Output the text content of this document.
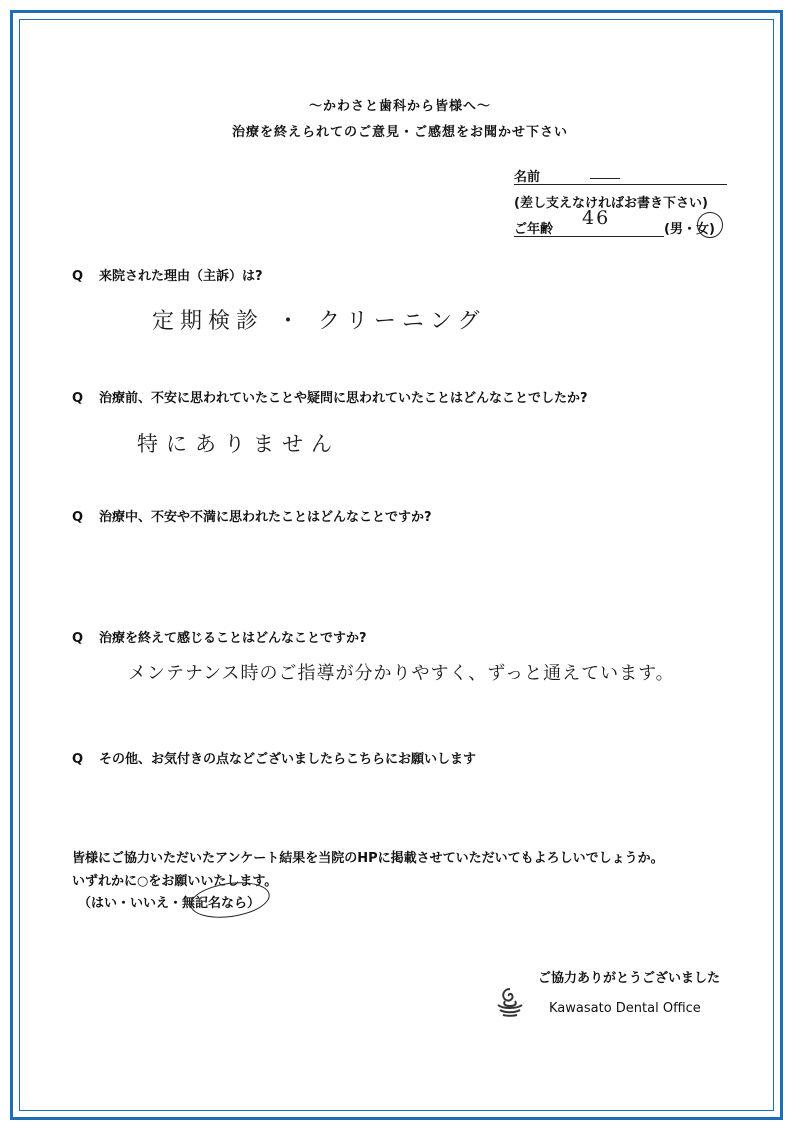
～かわさと歯科から皆様へ～
治療を終えられてのご意見・ご感想をお聞かせ下さい
名前
(差し支えなければお書き下さい)
ご年齢
46
(男・女)
Q 来院された理由（主訴）は?
定期検診 ・ クリーニング
Q 治療前、不安に思われていたことや疑問に思われていたことはどんなことでしたか?
特にありません
Q 治療中、不安や不満に思われたことはどんなことですか?
Q 治療を終えて感じることはどんなことですか?
メンテナンス時のご指導が分かりやすく、ずっと通えています。
Q その他、お気付きの点などございましたらこちらにお願いします
皆様にご協力いただいたアンケート結果を当院のHPに掲載させていただいてもよろしいでしょうか。
いずれかに○をお願いいたします。
（はい・いいえ・無記名なら）
ご協力ありがとうございました
Kawasato Dental Office
